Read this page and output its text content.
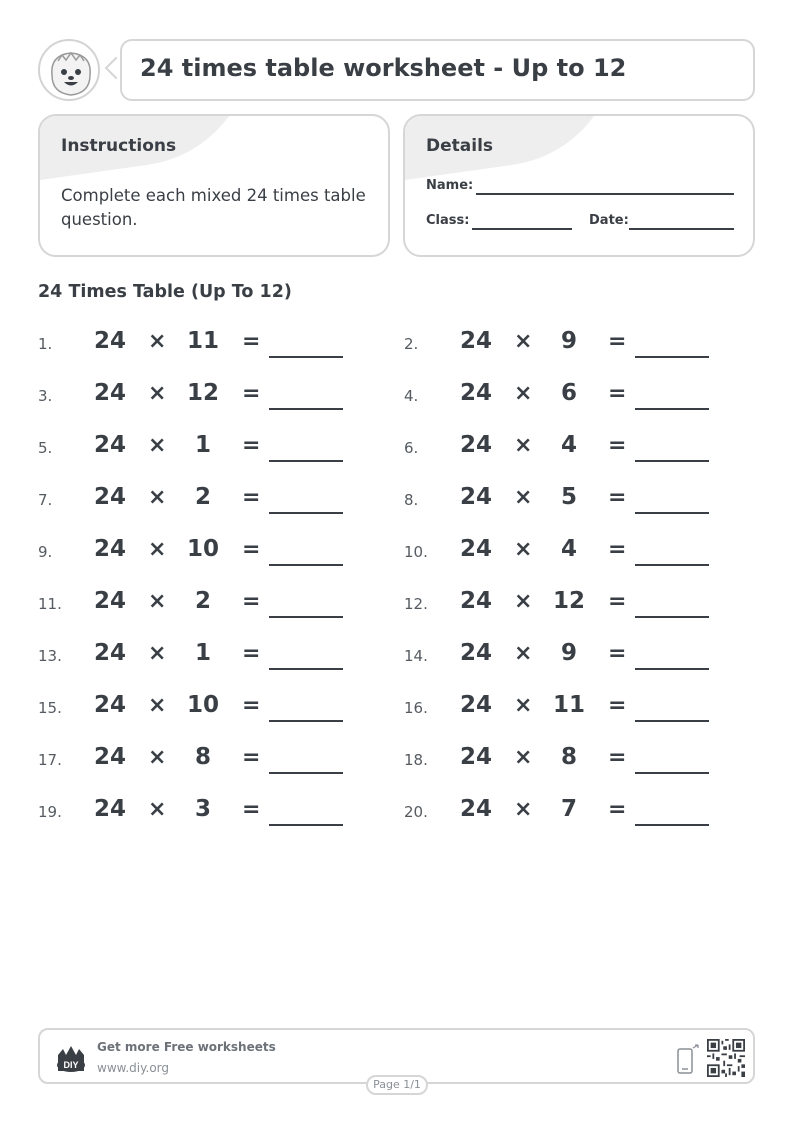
24 times table worksheet - Up to 12
Instructions
Complete each mixed 24 times table question.
Details
Name:
Class:	Date:
24 Times Table (Up To 12)
1. 24 × 11 =	2. 24 ×	9	=
3. 24 × 12 =	4. 24 ×	6	=
5. 24 ×	1	=	6. 24 ×	4	=
7. 24 ×	2	=	8. 24 ×	5	=
9. 24 × 10 =	10. 24 ×	4	=
11. 24 ×	2	=	12. 24 × 12 =
13. 24 ×	1	=	14. 24 ×	9	=
15. 24 × 10 =	16. 24 × 11 =
17. 24 ×	8	=	18. 24 ×	8	=
19. 24 ×	3	=	20. 24 ×	7	=
DIY
Get more Free worksheets
www.diy.org
Page 1/1
